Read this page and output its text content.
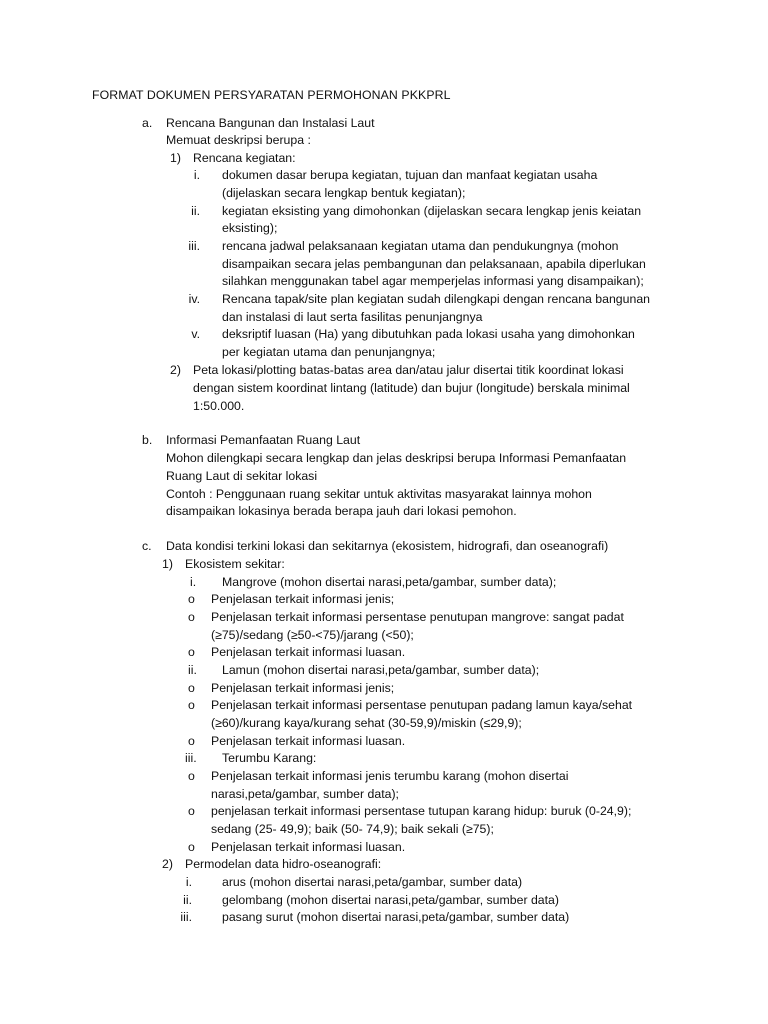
FORMAT DOKUMEN PERSYARATAN PERMOHONAN PKKPRL
a. Rencana Bangunan dan Instalasi Laut
Memuat deskripsi berupa :
1) Rencana kegiatan:
i. dokumen dasar berupa kegiatan, tujuan dan manfaat kegiatan usaha
(dijelaskan secara lengkap bentuk kegiatan);
ii. kegiatan eksisting yang dimohonkan (dijelaskan secara lengkap jenis keiatan
eksisting);
iii. rencana jadwal pelaksanaan kegiatan utama dan pendukungnya (mohon
disampaikan secara jelas pembangunan dan pelaksanaan, apabila diperlukan
silahkan menggunakan tabel agar memperjelas informasi yang disampaikan);
iv. Rencana tapak/site plan kegiatan sudah dilengkapi dengan rencana bangunan
dan instalasi di laut serta fasilitas penunjangnya
v. deksriptif luasan (Ha) yang dibutuhkan pada lokasi usaha yang dimohonkan
per kegiatan utama dan penunjangnya;
2) Peta lokasi/plotting batas-batas area dan/atau jalur disertai titik koordinat lokasi
dengan sistem koordinat lintang (latitude) dan bujur (longitude) berskala minimal
1:50.000.
b. Informasi Pemanfaatan Ruang Laut
Mohon dilengkapi secara lengkap dan jelas deskripsi berupa Informasi Pemanfaatan
Ruang Laut di sekitar lokasi
Contoh : Penggunaan ruang sekitar untuk aktivitas masyarakat lainnya mohon
disampaikan lokasinya berada berapa jauh dari lokasi pemohon.
c. Data kondisi terkini lokasi dan sekitarnya (ekosistem, hidrografi, dan oseanografi)
1) Ekosistem sekitar:
i. Mangrove (mohon disertai narasi,peta/gambar, sumber data);
o Penjelasan terkait informasi jenis;
o Penjelasan terkait informasi persentase penutupan mangrove: sangat padat
(≥75)/sedang (≥50-<75)/jarang (<50);
o Penjelasan terkait informasi luasan.
ii. Lamun (mohon disertai narasi,peta/gambar, sumber data);
o Penjelasan terkait informasi jenis;
o Penjelasan terkait informasi persentase penutupan padang lamun kaya/sehat
(≥60)/kurang kaya/kurang sehat (30-59,9)/miskin (≤29,9);
o Penjelasan terkait informasi luasan.
iii. Terumbu Karang:
o Penjelasan terkait informasi jenis terumbu karang (mohon disertai
narasi,peta/gambar, sumber data);
o penjelasan terkait informasi persentase tutupan karang hidup: buruk (0-24,9);
sedang (25- 49,9); baik (50- 74,9); baik sekali (≥75);
o Penjelasan terkait informasi luasan.
2) Permodelan data hidro-oseanografi:
i. arus (mohon disertai narasi,peta/gambar, sumber data)
ii. gelombang (mohon disertai narasi,peta/gambar, sumber data)
iii. pasang surut (mohon disertai narasi,peta/gambar, sumber data)
